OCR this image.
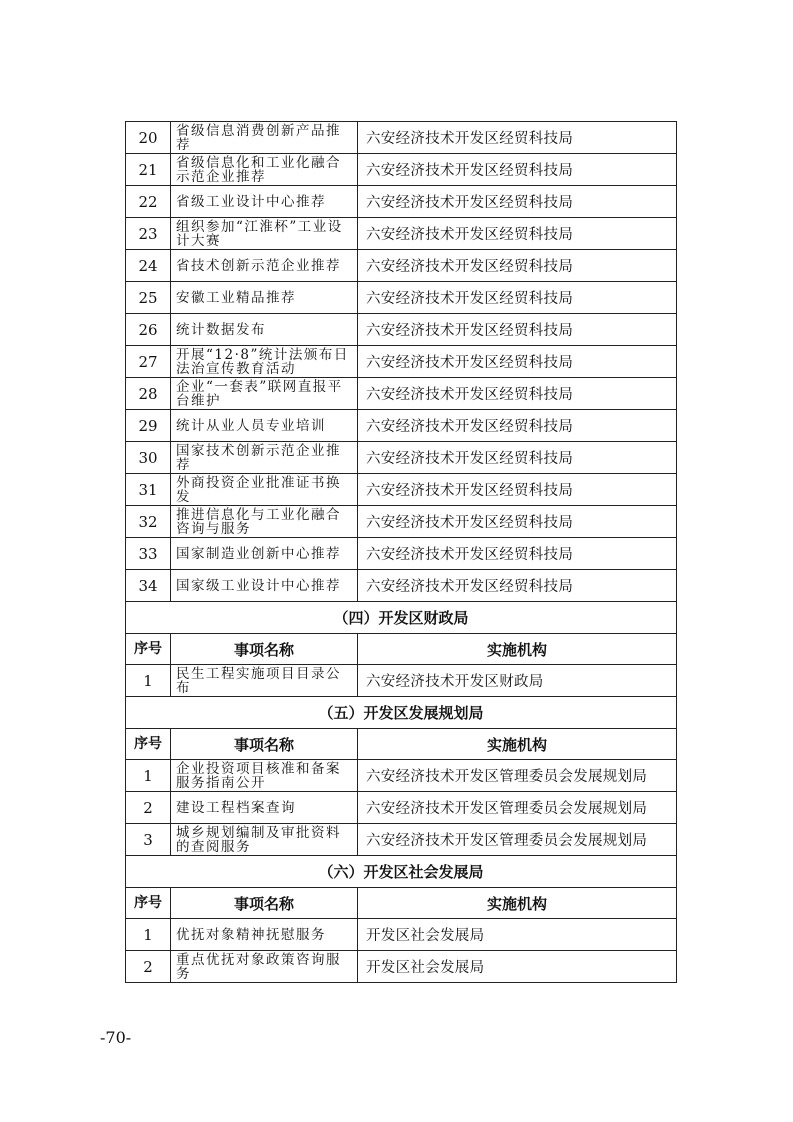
20	省级信息消费创新产品推荐	六安经济技术开发区经贸科技局
21	省级信息化和工业化融合示范企业推荐	六安经济技术开发区经贸科技局
22	省级工业设计中心推荐	六安经济技术开发区经贸科技局
23	组织参加“江淮杯”工业设计大赛	六安经济技术开发区经贸科技局
24	省技术创新示范企业推荐	六安经济技术开发区经贸科技局
25	安徽工业精品推荐	六安经济技术开发区经贸科技局
26	统计数据发布	六安经济技术开发区经贸科技局
27	开展“12·8”统计法颁布日法治宣传教育活动	六安经济技术开发区经贸科技局
28	企业“一套表”联网直报平台维护	六安经济技术开发区经贸科技局
29	统计从业人员专业培训	六安经济技术开发区经贸科技局
30	国家技术创新示范企业推荐	六安经济技术开发区经贸科技局
31	外商投资企业批准证书换发	六安经济技术开发区经贸科技局
32	推进信息化与工业化融合咨询与服务	六安经济技术开发区经贸科技局
33	国家制造业创新中心推荐	六安经济技术开发区经贸科技局
34	国家级工业设计中心推荐	六安经济技术开发区经贸科技局
（四）开发区财政局		
序号	事项名称	实施机构
1	民生工程实施项目目录公布	六安经济技术开发区财政局
（五）开发区发展规划局		
序号	事项名称	实施机构
1	企业投资项目核准和备案服务指南公开	六安经济技术开发区管理委员会发展规划局
2	建设工程档案查询	六安经济技术开发区管理委员会发展规划局
3	城乡规划编制及审批资料的查阅服务	六安经济技术开发区管理委员会发展规划局
（六）开发区社会发展局		
序号	事项名称	实施机构
1	优抚对象精神抚慰服务	开发区社会发展局
2	重点优抚对象政策咨询服务	开发区社会发展局
-70-
